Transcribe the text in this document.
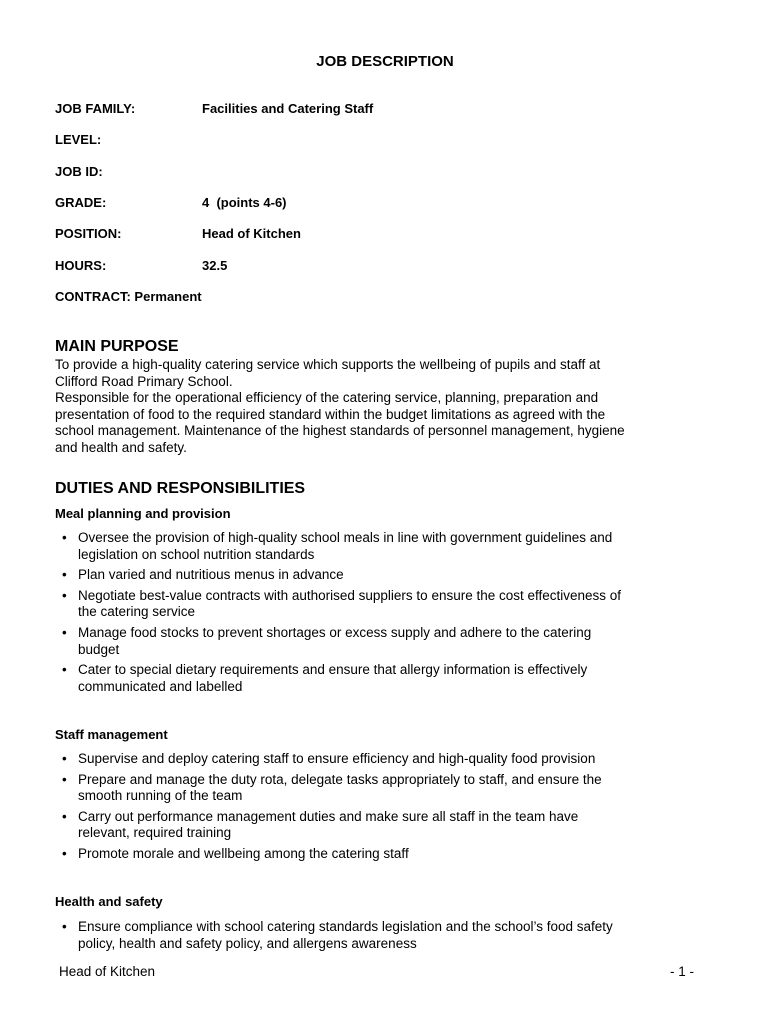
JOB DESCRIPTION
JOB FAMILY:	Facilities and Catering Staff
LEVEL:
JOB ID:
GRADE:	4  (points 4-6)
POSITION:	Head of Kitchen
HOURS:	32.5
CONTRACT: Permanent
MAIN PURPOSE
To provide a high-quality catering service which supports the wellbeing of pupils and staff at
Clifford Road Primary School.
Responsible for the operational efficiency of the catering service, planning, preparation and
presentation of food to the required standard within the budget limitations as agreed with the
school management. Maintenance of the highest standards of personnel management, hygiene
and health and safety.
DUTIES AND RESPONSIBILITIES
Meal planning and provision
• Oversee the provision of high-quality school meals in line with government guidelines and
legislation on school nutrition standards
• Plan varied and nutritious menus in advance
• Negotiate best-value contracts with authorised suppliers to ensure the cost effectiveness of
the catering service
• Manage food stocks to prevent shortages or excess supply and adhere to the catering
budget
• Cater to special dietary requirements and ensure that allergy information is effectively
communicated and labelled
Staff management
• Supervise and deploy catering staff to ensure efficiency and high-quality food provision
• Prepare and manage the duty rota, delegate tasks appropriately to staff, and ensure the
smooth running of the team
• Carry out performance management duties and make sure all staff in the team have
relevant, required training
• Promote morale and wellbeing among the catering staff
Health and safety
• Ensure compliance with school catering standards legislation and the school’s food safety
policy, health and safety policy, and allergens awareness
Head of Kitchen	- 1 -
